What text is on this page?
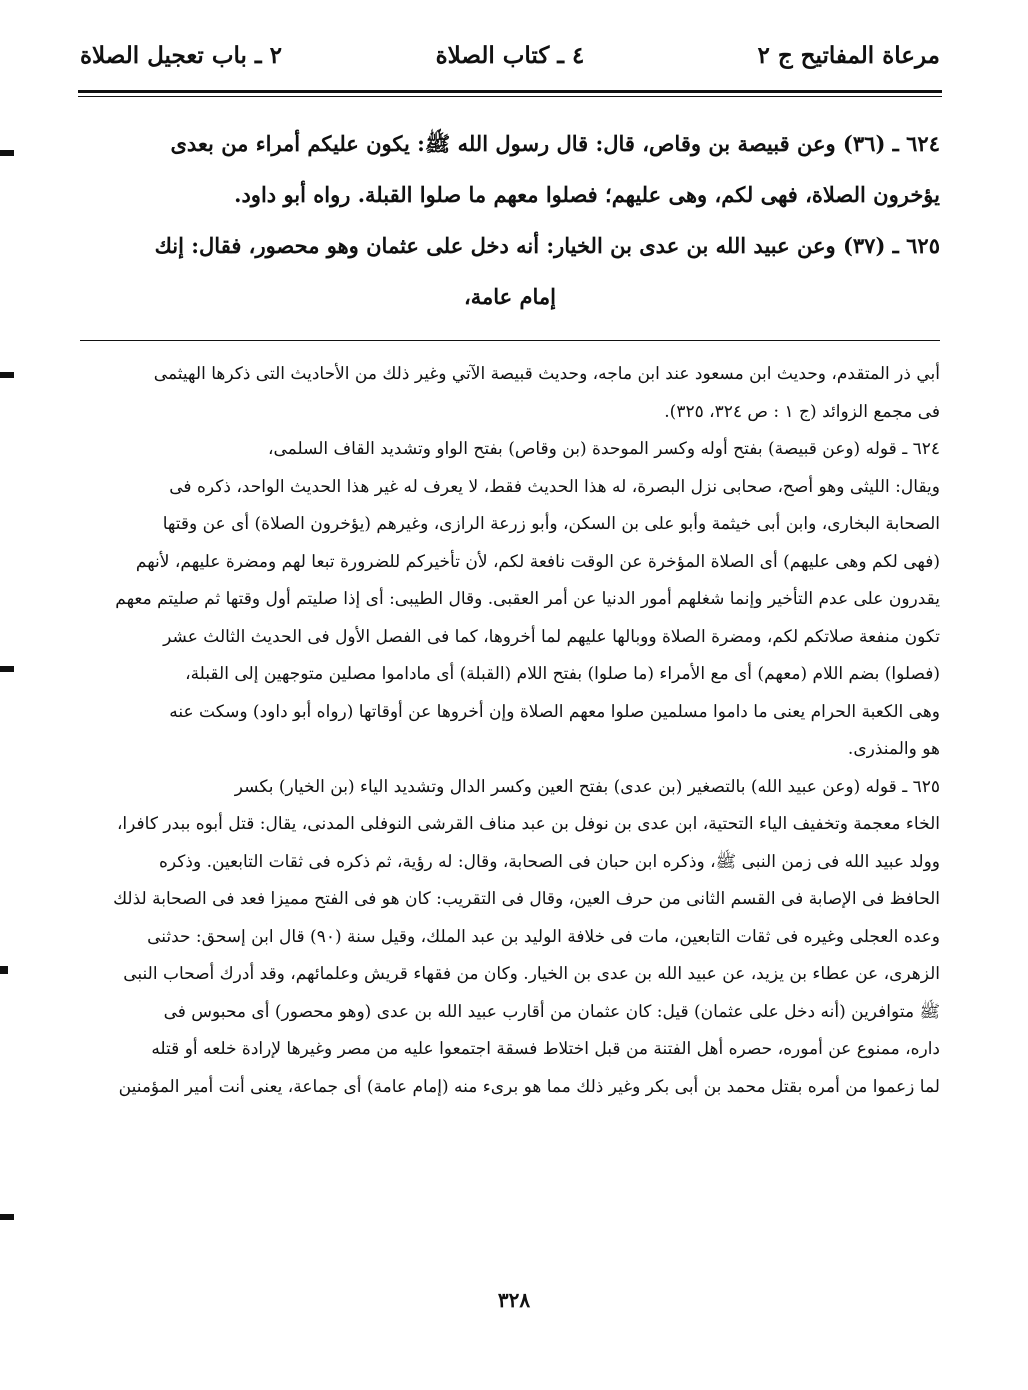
مرعاة المفاتيح ج ٢
٤ ـ كتاب الصلاة
٢ ـ باب تعجيل الصلاة

٦٢٤ ـ (٣٦) وعن قبيصة بن وقاص، قال: قال رسول الله ﷺ: يكون عليكم أمراء من بعدى

يؤخرون الصلاة، فهى لكم، وهى عليهم؛ فصلوا معهم ما صلوا القبلة. رواه أبو داود.

٦٢٥ ـ (٣٧) وعن عبيد الله بن عدى بن الخيار: أنه دخل على عثمان وهو محصور، فقال: إنك

إمام عامة،

أبي ذر المتقدم، وحديث ابن مسعود عند ابن ماجه، وحديث قبيصة الآتي وغير ذلك من الأحاديث التى ذكرها الهيثمى

فى مجمع الزوائد (ج ١ : ص ٣٢٤، ٣٢٥).

٦٢٤ ـ قوله (وعن قبيصة) بفتح أوله وكسر الموحدة (بن وقاص) بفتح الواو وتشديد القاف السلمى،

ويقال: الليثى وهو أصح، صحابى نزل البصرة، له هذا الحديث فقط، لا يعرف له غير هذا الحديث الواحد، ذكره فى

الصحابة البخارى، وابن أبى خيثمة وأبو على بن السكن، وأبو زرعة الرازى، وغيرهم (يؤخرون الصلاة) أى عن وقتها

(فهى لكم وهى عليهم) أى الصلاة المؤخرة عن الوقت نافعة لكم، لأن تأخيركم للضرورة تبعا لهم ومضرة عليهم، لأنهم

يقدرون على عدم التأخير وإنما شغلهم أمور الدنيا عن أمر العقبى. وقال الطيبى: أى إذا صليتم أول وقتها ثم صليتم معهم

تكون منفعة صلاتكم لكم، ومضرة الصلاة ووبالها عليهم لما أخروها، كما فى الفصل الأول فى الحديث الثالث عشر

(فصلوا) بضم اللام (معهم) أى مع الأمراء (ما صلوا) بفتح اللام (القبلة) أى ماداموا مصلين متوجهين إلى القبلة،

وهى الكعبة الحرام يعنى ما داموا مسلمين صلوا معهم الصلاة وإن أخروها عن أوقاتها (رواه أبو داود) وسكت عنه

هو والمنذرى.

٦٢٥ ـ قوله (وعن عبيد الله) بالتصغير (بن عدى) بفتح العين وكسر الدال وتشديد الياء (بن الخيار) بكسر

الخاء معجمة وتخفيف الياء التحتية، ابن عدى بن نوفل بن عبد مناف القرشى النوفلى المدنى، يقال: قتل أبوه ببدر كافرا،

وولد عبيد الله فى زمن النبى ﷺ، وذكره ابن حبان فى الصحابة، وقال: له رؤية، ثم ذكره فى ثقات التابعين. وذكره

الحافظ فى الإصابة فى القسم الثانى من حرف العين، وقال فى التقريب: كان هو فى الفتح مميزا فعد فى الصحابة لذلك

وعده العجلى وغيره فى ثقات التابعين، مات فى خلافة الوليد بن عبد الملك، وقيل سنة (٩٠) قال ابن إسحق: حدثنى

الزهرى، عن عطاء بن يزيد، عن عبيد الله بن عدى بن الخيار. وكان من فقهاء قريش وعلمائهم، وقد أدرك أصحاب النبى

ﷺ متوافرين (أنه دخل على عثمان) قيل: كان عثمان من أقارب عبيد الله بن عدى (وهو محصور) أى محبوس فى

داره، ممنوع عن أموره، حصره أهل الفتنة من قبل اختلاط فسقة اجتمعوا عليه من مصر وغيرها لإرادة خلعه أو قتله

لما زعموا من أمره بقتل محمد بن أبى بكر وغير ذلك مما هو برىء منه (إمام عامة) أى جماعة، يعنى أنت أمير المؤمنين

٣٢٨
